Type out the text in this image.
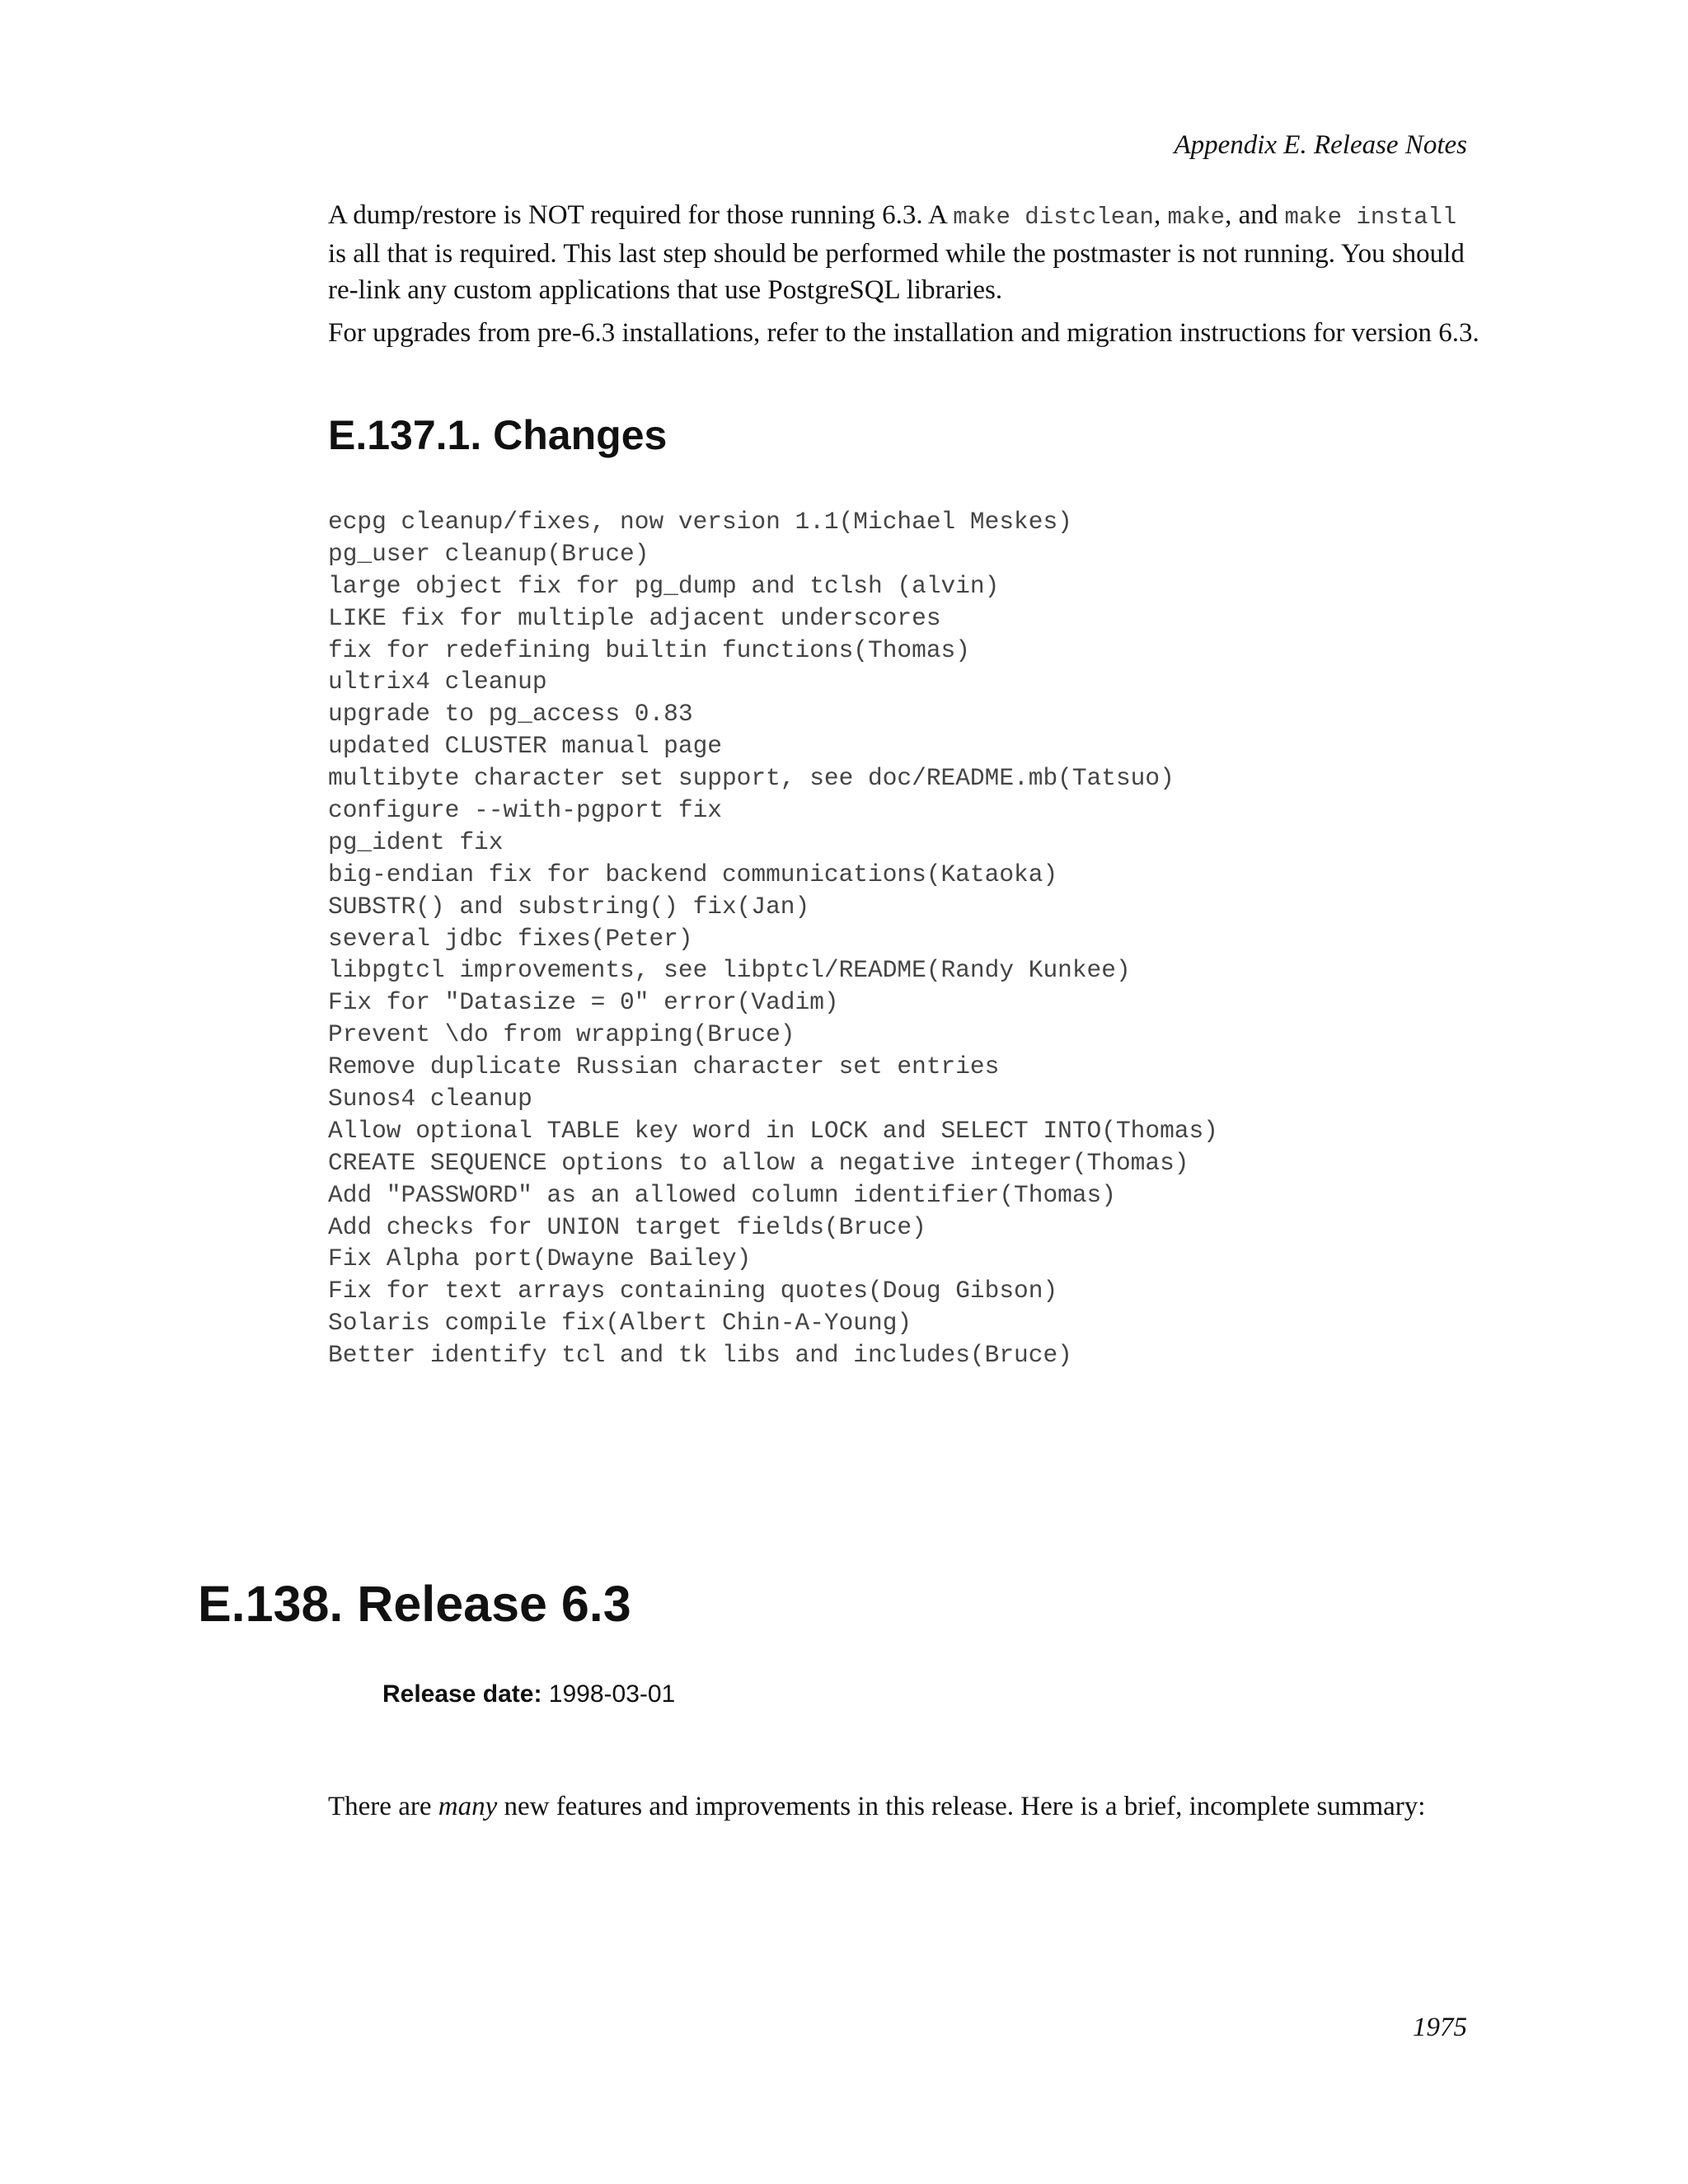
Appendix E. Release Notes

A dump/restore is NOT required for those running 6.3. A make distclean, make, and make install is all that is required. This last step should be performed while the postmaster is not running. You should re-link any custom applications that use PostgreSQL libraries.

For upgrades from pre-6.3 installations, refer to the installation and migration instructions for version 6.3.

E.137.1. Changes
ecpg cleanup/fixes, now version 1.1(Michael Meskes)
pg_user cleanup(Bruce)
large object fix for pg_dump and tclsh (alvin)
LIKE fix for multiple adjacent underscores
fix for redefining builtin functions(Thomas)
ultrix4 cleanup
upgrade to pg_access 0.83
updated CLUSTER manual page
multibyte character set support, see doc/README.mb(Tatsuo)
configure --with-pgport fix
pg_ident fix
big-endian fix for backend communications(Kataoka)
SUBSTR() and substring() fix(Jan)
several jdbc fixes(Peter)
libpgtcl improvements, see libptcl/README(Randy Kunkee)
Fix for "Datasize = 0" error(Vadim)
Prevent \do from wrapping(Bruce)
Remove duplicate Russian character set entries
Sunos4 cleanup
Allow optional TABLE key word in LOCK and SELECT INTO(Thomas)
CREATE SEQUENCE options to allow a negative integer(Thomas)
Add "PASSWORD" as an allowed column identifier(Thomas)
Add checks for UNION target fields(Bruce)
Fix Alpha port(Dwayne Bailey)
Fix for text arrays containing quotes(Doug Gibson)
Solaris compile fix(Albert Chin-A-Young)
Better identify tcl and tk libs and includes(Bruce)
E.138. Release 6.3
Release date: 1998-03-01

There are many new features and improvements in this release. Here is a brief, incomplete summary:

1975
